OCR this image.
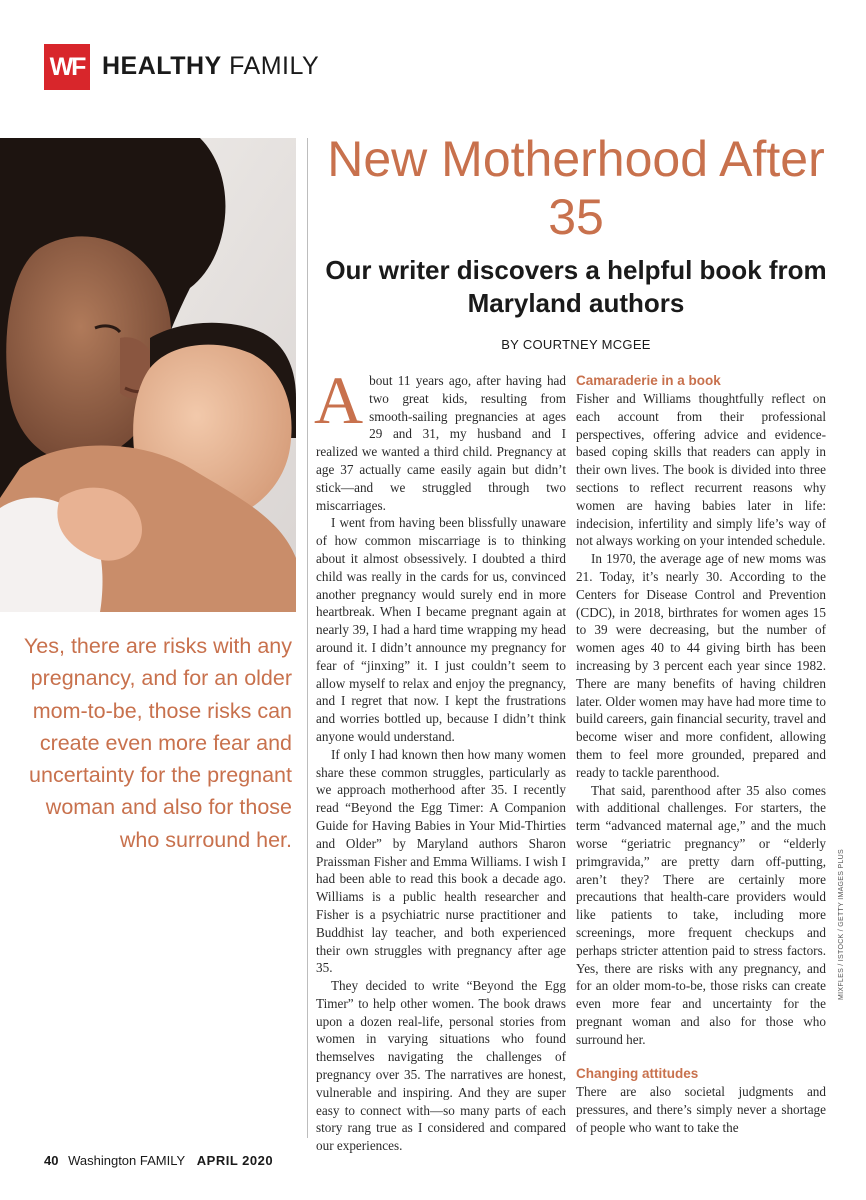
WF HEALTHY FAMILY
Yes, there are risks with any pregnancy, and for an older mom-to-be, those risks can create even more fear and uncertainty for the pregnant woman and also for those who surround her.
New Motherhood After 35
Our writer discovers a helpful book from Maryland authors
BY COURTNEY MCGEE

About 11 years ago, after having had two great kids, resulting from smooth-sailing pregnancies at ages 29 and 31, my husband and I realized we wanted a third child. Pregnancy at age 37 actually came easily again but didn’t stick—and we struggled through two miscarriages.

I went from having been blissfully unaware of how common miscarriage is to thinking about it almost obsessively. I doubted a third child was really in the cards for us, convinced another pregnancy would surely end in more heartbreak. When I became pregnant again at nearly 39, I had a hard time wrapping my head around it. I didn’t announce my pregnancy for fear of “jinxing” it. I just couldn’t seem to allow myself to relax and enjoy the pregnancy, and I regret that now. I kept the frustrations and worries bottled up, because I didn’t think anyone would understand.

If only I had known then how many women share these common struggles, particularly as we approach motherhood after 35. I recently read “Beyond the Egg Timer: A Companion Guide for Having Babies in Your Mid-Thirties and Older” by Maryland authors Sharon Praissman Fisher and Emma Williams. I wish I had been able to read this book a decade ago. Williams is a public health researcher and Fisher is a psychiatric nurse practitioner and Buddhist lay teacher, and both experienced their own struggles with pregnancy after age 35.

They decided to write “Beyond the Egg Timer” to help other women. The book draws upon a dozen real-life, personal stories from women in varying situations who found themselves navigating the challenges of pregnancy over 35. The narratives are honest, vulnerable and inspiring. And they are super easy to connect with—so many parts of each story rang true as I considered and compared our experiences.

Camaraderie in a book

Fisher and Williams thoughtfully reflect on each account from their professional perspectives, offering advice and evidence-based coping skills that readers can apply in their own lives. The book is divided into three sections to reflect recurrent reasons why women are having babies later in life: indecision, infertility and simply life’s way of not always working on your intended schedule.

In 1970, the average age of new moms was 21. Today, it’s nearly 30. According to the Centers for Disease Control and Prevention (CDC), in 2018, birthrates for women ages 15 to 39 were decreasing, but the number of women ages 40 to 44 giving birth has been increasing by 3 percent each year since 1982. There are many benefits of having children later. Older women may have had more time to build careers, gain financial security, travel and become wiser and more confident, allowing them to feel more grounded, prepared and ready to tackle parenthood.

That said, parenthood after 35 also comes with additional challenges. For starters, the term “advanced maternal age,” and the much worse “geriatric pregnancy” or “elderly primgravida,” are pretty darn off-putting, aren’t they? There are certainly more precautions that health-care providers would like patients to take, including more screenings, more frequent checkups and perhaps stricter attention paid to stress factors. Yes, there are risks with any pregnancy, and for an older mom-to-be, those risks can create even more fear and uncertainty for the pregnant woman and also for those who surround her.

Changing attitudes

There are also societal judgments and pressures, and there’s simply never a shortage of people who want to take the

MIXFLES / ISTOCK / GETTY IMAGES PLUS
40 Washington FAMILY APRIL 2020
